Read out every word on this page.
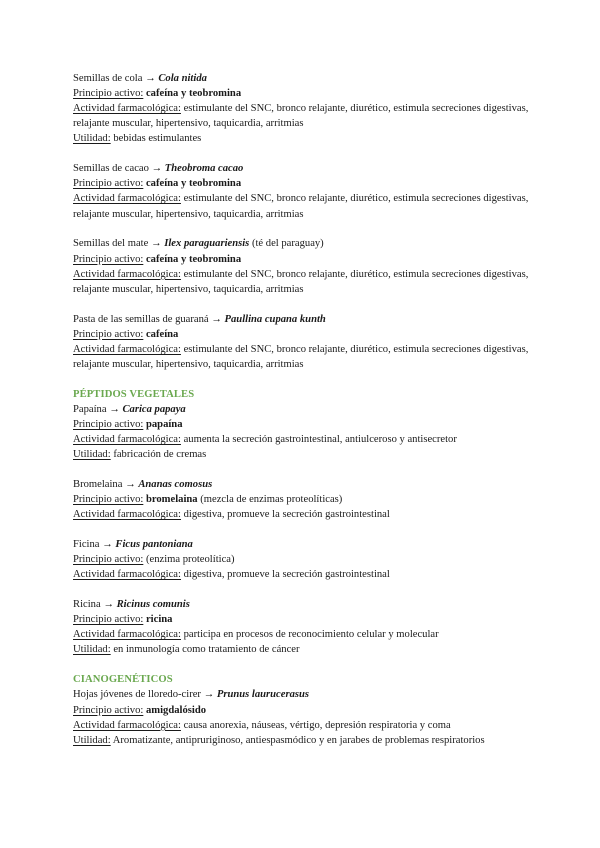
Semillas de cola → Cola nitida
Principio activo: cafeína y teobromina
Actividad farmacológica: estimulante del SNC, bronco relajante, diurético, estimula secreciones digestivas, relajante muscular, hipertensivo, taquicardia, arritmias
Utilidad: bebidas estimulantes
Semillas de cacao → Theobroma cacao
Principio activo: cafeína y teobromina
Actividad farmacológica: estimulante del SNC, bronco relajante, diurético, estimula secreciones digestivas, relajante muscular, hipertensivo, taquicardia, arritmias
Semillas del mate → Ilex paraguariensis (té del paraguay)
Principio activo: cafeína y teobromina
Actividad farmacológica: estimulante del SNC, bronco relajante, diurético, estimula secreciones digestivas, relajante muscular, hipertensivo, taquicardia, arritmias
Pasta de las semillas de guaraná → Paullina cupana kunth
Principio activo: cafeína
Actividad farmacológica: estimulante del SNC, bronco relajante, diurético, estimula secreciones digestivas, relajante muscular, hipertensivo, taquicardia, arritmias
PÉPTIDOS VEGETALES
Papaína → Carica papaya
Principio activo: papaína
Actividad farmacológica: aumenta la secreción gastrointestinal, antiulceroso y antisecretor
Utilidad: fabricación de cremas
Bromelaina → Ananas comosus
Principio activo: bromelaina (mezcla de enzimas proteolíticas)
Actividad farmacológica: digestiva, promueve la secreción gastrointestinal
Ficina → Ficus pantoniana
Principio activo: (enzima proteolítica)
Actividad farmacológica: digestiva, promueve la secreción gastrointestinal
Ricina → Ricinus comunis
Principio activo: ricina
Actividad farmacológica: participa en procesos de reconocimiento celular y molecular
Utilidad: en inmunología como tratamiento de cáncer
CIANOGENÉTICOS
Hojas jóvenes de lloredo-cirer → Prunus laurucerasus
Principio activo: amigdalósido
Actividad farmacológica: causa anorexia, náuseas, vértigo, depresión respiratoria y coma
Utilidad: Aromatizante, antipruriginoso, antiespasmódico y en jarabes de problemas respiratorios
